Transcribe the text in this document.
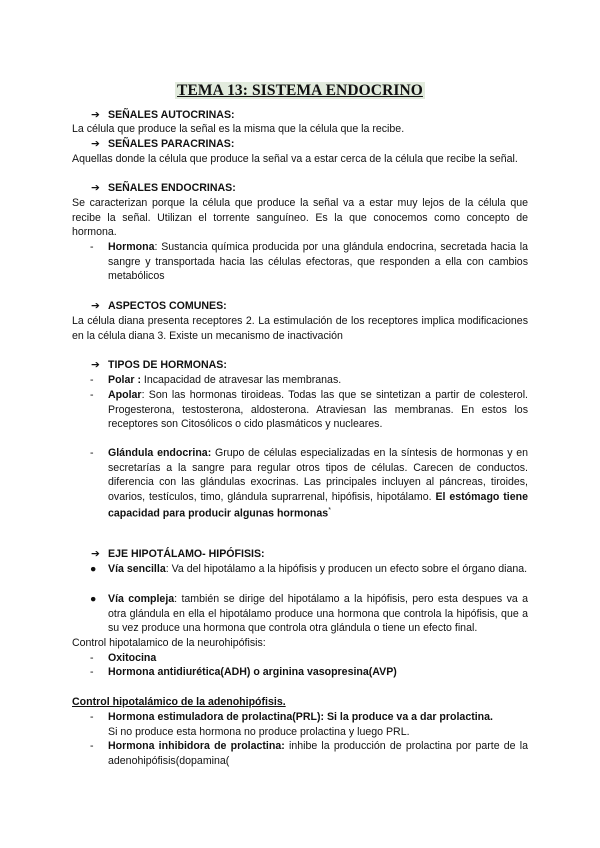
TEMA 13: SISTEMA ENDOCRINO
➔ SEÑALES AUTOCRINAS:
La célula que produce la señal es la misma que la célula que la recibe.
➔ SEÑALES PARACRINAS:
Aquellas donde la célula que produce la señal va a estar cerca de la célula que recibe la señal.
➔ SEÑALES ENDOCRINAS:
Se caracterizan porque la célula que produce la señal va a estar muy lejos de la célula que recibe la señal. Utilizan el torrente sanguíneo. Es la que conocemos como concepto de hormona.
-	Hormona: Sustancia química producida por una glándula endocrina, secretada hacia la sangre y transportada hacia las células efectoras, que responden a ella con cambios metabólicos
➔ ASPECTOS COMUNES:
La célula diana presenta receptores 2. La estimulación de los receptores implica modificaciones en la célula diana 3. Existe un mecanismo de inactivación
➔ TIPOS DE HORMONAS:
-	Polar : Incapacidad de atravesar las membranas.
-	Apolar: Son las hormonas tiroideas. Todas las que se sintetizan a partir de colesterol. Progesterona, testosterona, aldosterona. Atraviesan las membranas. En estos los receptores son Citosólicos o cido plasmáticos y nucleares.
-	Glándula endocrina: Grupo de células especializadas en la síntesis de hormonas y en secretarías a la sangre para regular otros tipos de células. Carecen de conductos. diferencia con las glándulas exocrinas. Las principales incluyen al páncreas, tiroides, ovarios, testículos, timo, glándula suprarrenal, hipófisis, hipotálamo. El estómago tiene capacidad para producir algunas hormonas*
➔ EJE HIPOTÁLAMO- HIPÓFISIS:
●	Vía sencilla: Va del hipotálamo a la hipófisis y producen un efecto sobre el órgano diana.
●	Vía compleja: también se dirige del hipotálamo a la hipófisis, pero esta despues va a otra glándula en ella el hipotálamo produce una hormona que controla la hipófisis, que a su vez produce una hormona que controla otra glándula o tiene un efecto final.
Control hipotalamico de la neurohipófisis:
-	Oxitocina
-	Hormona antidiurética(ADH) o arginina vasopresina(AVP)
Control hipotalámico de la adenohipófisis.
-	Hormona estimuladora de prolactina(PRL): Si la produce va a dar prolactina.
Si no produce esta hormona no produce prolactina y luego PRL.
-	Hormona inhibidora de prolactina: inhibe la producción de prolactina por parte de la adenohipófisis(dopamina(
